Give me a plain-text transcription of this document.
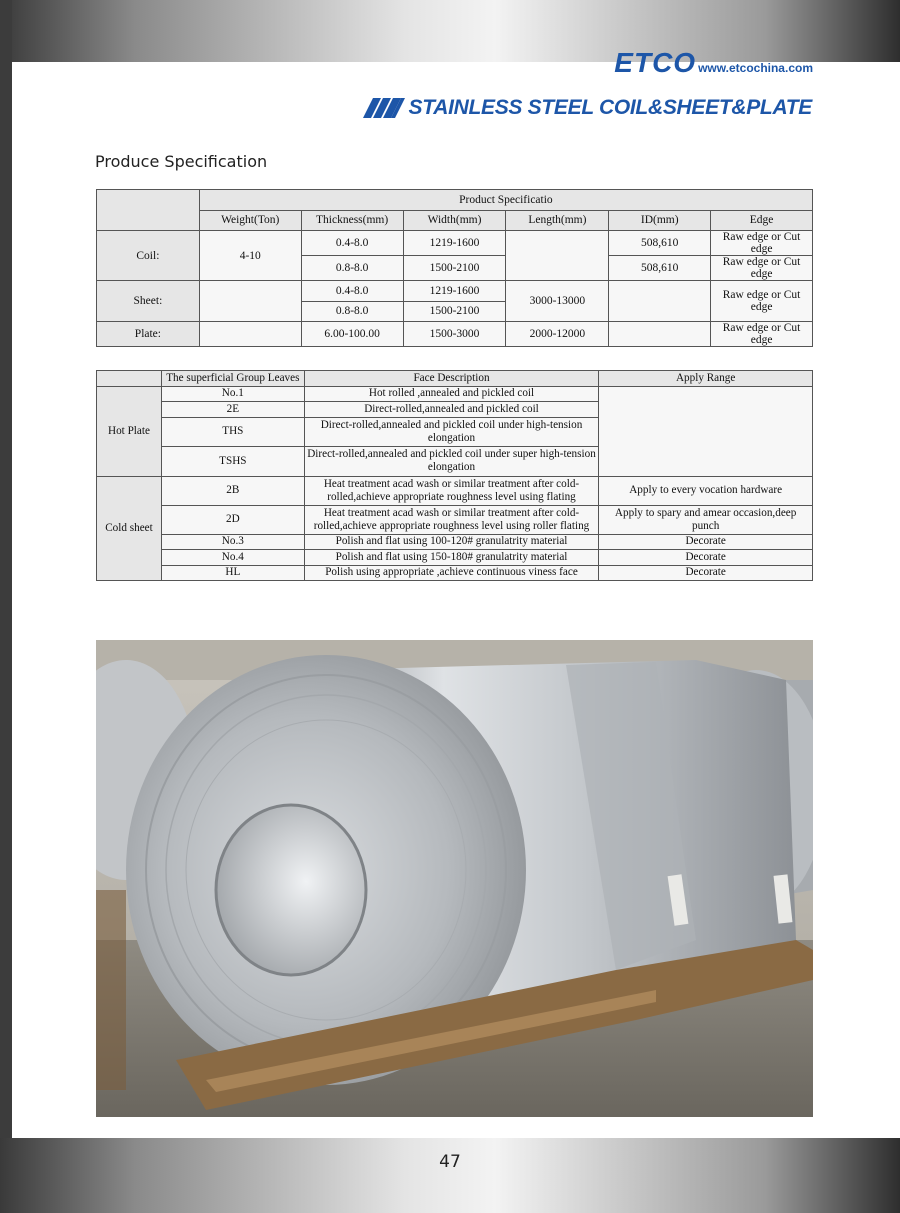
ETCO www.etcochina.com
STAINLESS STEEL COIL&SHEET&PLATE
Produce Specification
	Product Specificatio					
	Weight(Ton)	Thickness(mm)	Width(mm)	Length(mm)	ID(mm)	Edge
Coil:	4-10	0.4-8.0	1219-1600		508,610	Raw edge or Cut edge
		0.8-8.0	1500-2100		508,610	Raw edge or Cut edge
Sheet:		0.4-8.0	1219-1600	3000-13000		Raw edge or Cut edge
		0.8-8.0	1500-2100			
Plate:		6.00-100.00	1500-3000	2000-12000		Raw edge or Cut edge
	The superficial Group Leaves	Face Description	Apply Range
Hot Plate	No.1	Hot rolled ,annealed and pickled coil	
	2E	Direct-rolled,annealed and pickled coil	
	THS	Direct-rolled,annealed and pickled coil under high-tension elongation	
	TSHS	Direct-rolled,annealed and pickled coil under super high-tension elongation	
Cold sheet	2B	Heat treatment acad wash or similar treatment after cold-rolled,achieve appropriate roughness level using flating	Apply to every vocation hardware
	2D	Heat treatment acad wash or similar treatment after cold-rolled,achieve appropriate roughness level using roller flating	Apply to spary and amear occasion,deep punch
	No.3	Polish and flat using 100-120# granulatrity material	Decorate
	No.4	Polish and flat using 150-180# granulatrity material	Decorate
	HL	Polish using appropriate ,achieve continuous viness face	Decorate
47
